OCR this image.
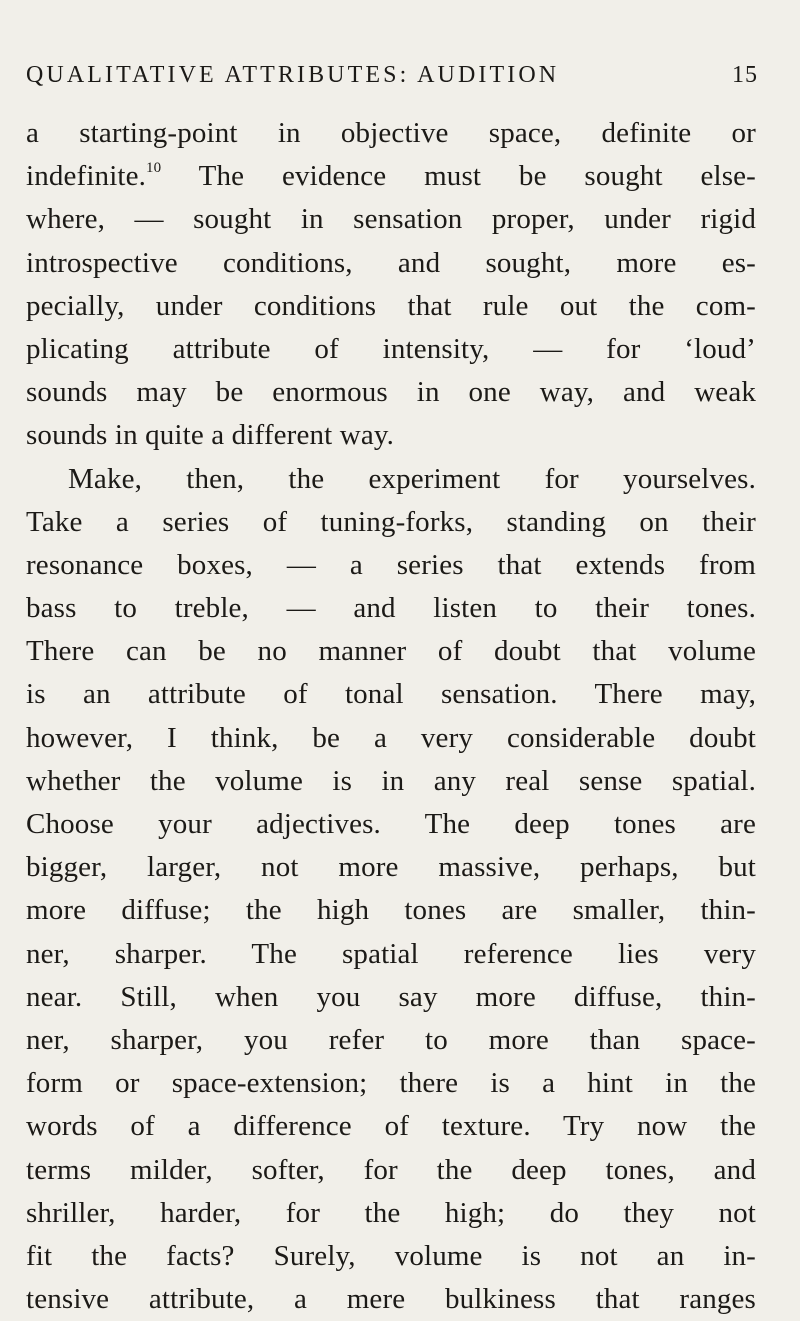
QUALITATIVE ATTRIBUTES: AUDITION	15
a starting-point in objective space, definite or
indefinite.$^{10}$ The evidence must be sought else-
where, — sought in sensation proper, under rigid
introspective conditions, and sought, more es-
pecially, under conditions that rule out the com-
plicating attribute of intensity, — for ‘loud’
sounds may be enormous in one way, and weak
sounds in quite a different way.
Make, then, the experiment for yourselves.
Take a series of tuning-forks, standing on their
resonance boxes, — a series that extends from
bass to treble, — and listen to their tones.
There can be no manner of doubt that volume
is an attribute of tonal sensation. There may,
however, I think, be a very considerable doubt
whether the volume is in any real sense spatial.
Choose your adjectives. The deep tones are
bigger, larger, not more massive, perhaps, but
more diffuse; the high tones are smaller, thin-
ner, sharper. The spatial reference lies very
near. Still, when you say more diffuse, thin-
ner, sharper, you refer to more than space-
form or space-extension; there is a hint in the
words of a difference of texture. Try now the
terms milder, softer, for the deep tones, and
shriller, harder, for the high; do they not
fit the facts? Surely, volume is not an in-
tensive attribute, a mere bulkiness that ranges
